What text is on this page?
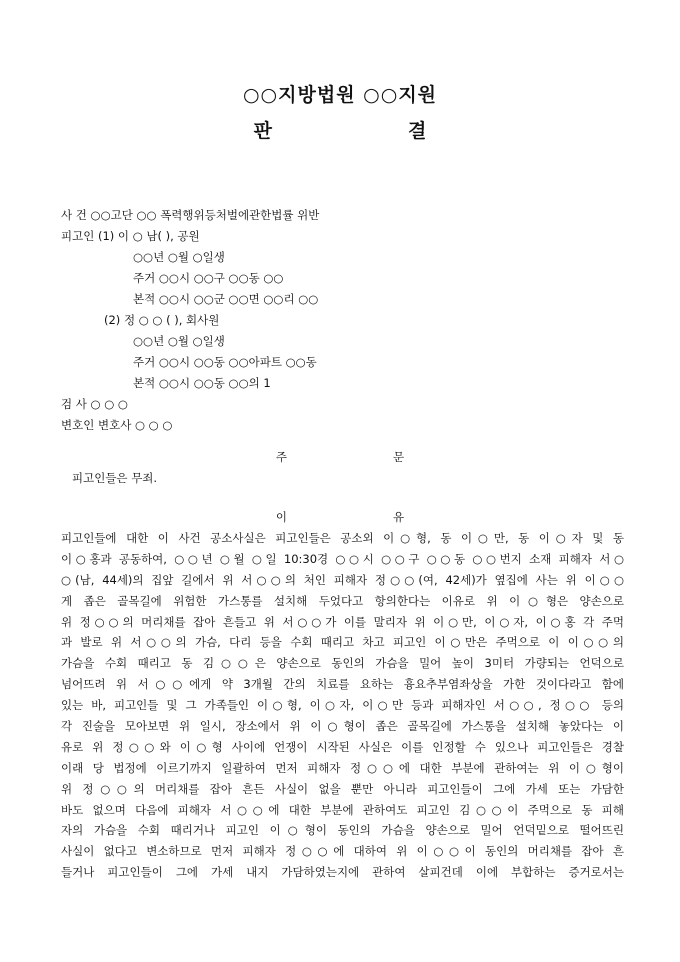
○○지방법원 ○○지원
판	결
사 건 ○○고단 ○○ 폭력행위등처벌에관한법률 위반
피고인 (1) 이 ○ 남( ), 공원
○○년 ○월 ○일생
주거 ○○시 ○○구 ○○동 ○○
본적 ○○시 ○○군 ○○면 ○○리 ○○
(2) 정 ○ ○ ( ), 회사원
○○년 ○월 ○일생
주거 ○○시 ○○동 ○○아파트 ○○동
본적 ○○시 ○○동 ○○의 1
검 사 ○ ○ ○
변호인 변호사 ○ ○ ○
주	문
피고인들은 무죄.
이	유
피고인들에 대한 이 사건 공소사실은 피고인들은 공소외 이○형, 동 이○만, 동 이○자 및 동
이○홍과 공동하여, ○○년 ○월 ○일 10:30경 ○○시 ○○구 ○○동 ○○번지 소재 피해자 서○
○(남, 44세)의 집앞 길에서 위 서○○의 처인 피해자 정○○(여, 42세)가 옆집에 사는 위 이○○
게 좁은 골목길에 위험한 가스통를 설치해 두었다고 항의한다는 이유로 위 이○형은 양손으로
위 정○○의 머리채를 잡아 흔들고 위 서○○가 이를 말리자 위 이○만, 이○자, 이○홍 각 주먹
과 발로 위 서○○의 가슴, 다리 등을 수회 때리고 차고 피고인 이○만은 주먹으로 이 이○○의
가슴을 수회 때리고 동 김○○은 양손으로 동인의 가슴을 밀어 높이 3미터 가량되는 언덕으로
넘어뜨려 위 서○○에게 약 3개월 간의 치료를 요하는 흉요추부염좌상을 가한 것이다라고 함에
있는 바, 피고인들 및 그 가족들인 이○형, 이○자, 이○만 등과 피해자인 서○○, 정○○ 등의
각 진술을 모아보면 위 일시, 장소에서 위 이○형이 좁은 골목길에 가스통을 설치해 놓았다는 이
유로 위 정○○와 이○형 사이에 언쟁이 시작된 사실은 이를 인정할 수 있으나 피고인들은 경찰
이래 당 법정에 이르기까지 일괄하여 먼저 피해자 정○○에 대한 부분에 관하여는 위 이○형이
위 정○○의 머리채를 잡아 흔든 사실이 없을 뿐만 아니라 피고인들이 그에 가세 또는 가담한
바도 없으며 다음에 피해자 서○○에 대한 부분에 관하여도 피고인 김○○이 주먹으로 동 피해
자의 가슴을 수회 때리거나 피고인 이○형이 동인의 가슴을 양손으로 밀어 언덕밑으로 떨어뜨린
사실이 없다고 변소하므로 먼저 피해자 정○○에 대하여 위 이○○이 동인의 머리채를 잡아 흔
들거나 피고인들이 그에 가세 내지 가담하였는지에 관하여 살피건데 이에 부합하는 증거로서는
